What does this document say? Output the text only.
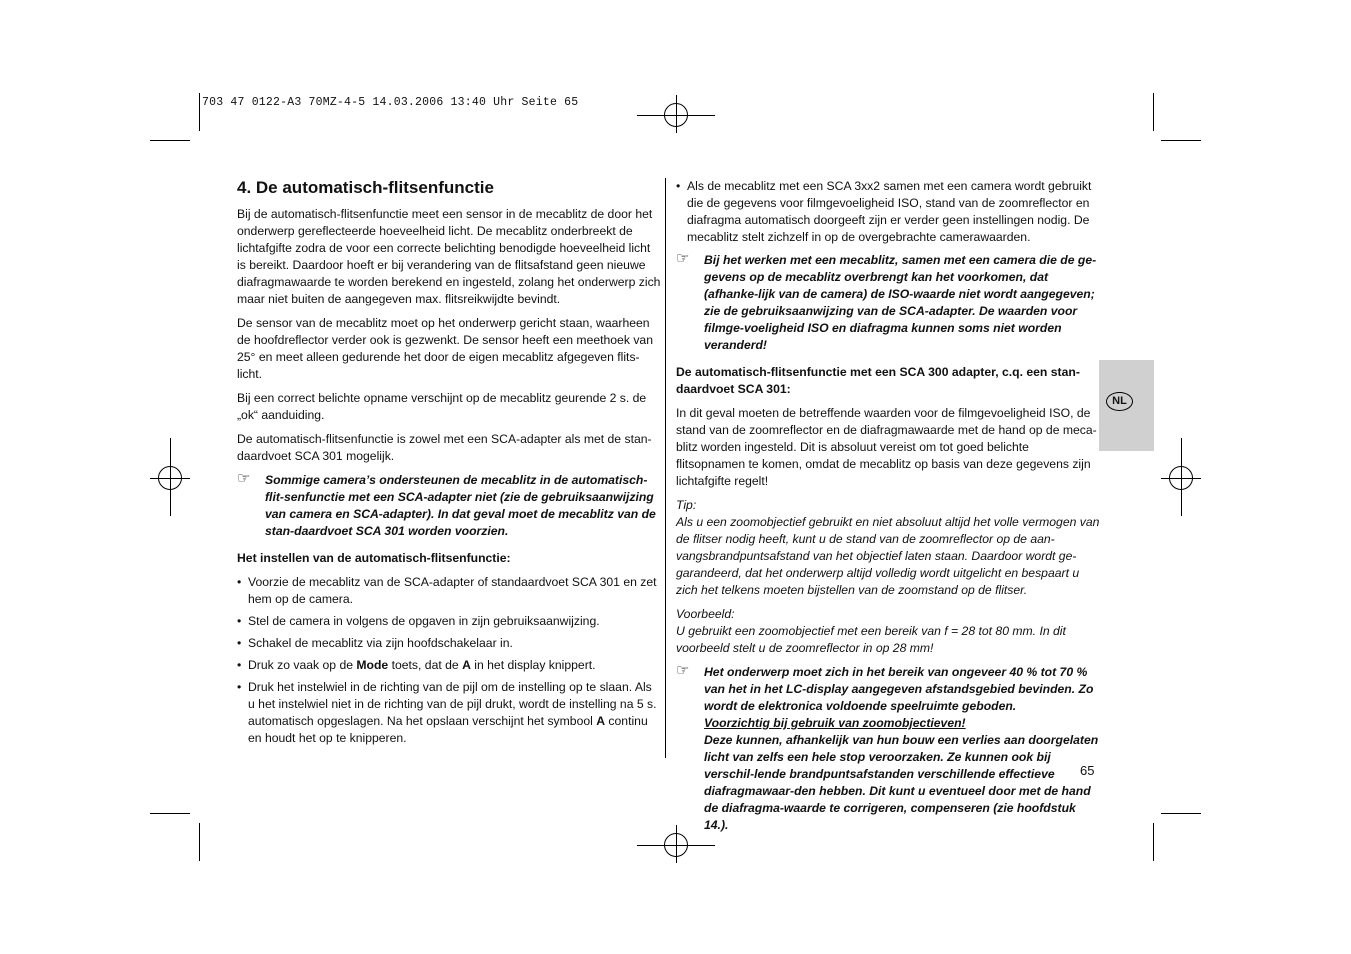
703 47 0122-A3 70MZ-4-5 14.03.2006 13:40 Uhr Seite 65
4. De automatisch-flitsenfunctie

Bij de automatisch-flitsenfunctie meet een sensor in de mecablitz de door het onderwerp gereflecteerde hoeveelheid licht. De mecablitz onderbreekt de lichtafgifte zodra de voor een correcte belichting benodigde hoeveelheid licht is bereikt. Daardoor hoeft er bij verandering van de flitsafstand geen nieuwe diafragmawaarde te worden berekend en ingesteld, zolang het onderwerp zich maar niet buiten de aangegeven max. flitsreikwijdte bevindt.

De sensor van de mecablitz moet op het onderwerp gericht staan, waarheen de hoofdreflector verder ook is gezwenkt. De sensor heeft een meethoek van 25° en meet alleen gedurende het door de eigen mecablitz afgegeven flits-licht.

Bij een correct belichte opname verschijnt op de mecablitz geurende 2 s. de „ok“ aanduiding.

De automatisch-flitsenfunctie is zowel met een SCA-adapter als met de stan-daardvoet SCA 301 mogelijk.

☞ Sommige camera’s ondersteunen de mecablitz in de automatisch-flit-senfunctie met een SCA-adapter niet (zie de gebruiksaanwijzing van camera en SCA-adapter). In dat geval moet de mecablitz van de stan-daardvoet SCA 301 worden voorzien.

Het instellen van de automatisch-flitsenfunctie:
• Voorzie de mecablitz van de SCA-adapter of standaardvoet SCA 301 en zet hem op de camera.
• Stel de camera in volgens de opgaven in zijn gebruiksaanwijzing.
• Schakel de mecablitz via zijn hoofdschakelaar in.
• Druk zo vaak op de Mode toets, dat de A in het display knippert.
• Druk het instelwiel in de richting van de pijl om de instelling op te slaan. Als u het instelwiel niet in de richting van de pijl drukt, wordt de instelling na 5 s. automatisch opgeslagen. Na het opslaan verschijnt het symbool A continu en houdt het op te knipperen.
• Als de mecablitz met een SCA 3xx2 samen met een camera wordt gebruikt die de gegevens voor filmgevoeligheid ISO, stand van de zoomreflector en diafragma automatisch doorgeeft zijn er verder geen instellingen nodig. De mecablitz stelt zichzelf in op de overgebrachte camerawaarden.
☞ Bij het werken met een mecablitz, samen met een camera die de ge-gevens op de mecablitz overbrengt kan het voorkomen, dat (afhanke-lijk van de camera) de ISO-waarde niet wordt aangegeven; zie de gebruiksaanwijzing van de SCA-adapter. De waarden voor filmge-voeligheid ISO en diafragma kunnen soms niet worden veranderd!

De automatisch-flitsenfunctie met een SCA 300 adapter, c.q. een stan-daardvoet SCA 301:

In dit geval moeten de betreffende waarden voor de filmgevoeligheid ISO, de stand van de zoomreflector en de diafragmawaarde met de hand op de meca-blitz worden ingesteld. Dit is absoluut vereist om tot goed belichte flitsopnamen te komen, omdat de mecablitz op basis van deze gegevens zijn lichtafgifte regelt!

Tip:

Als u een zoomobjectief gebruikt en niet absoluut altijd het volle vermogen van de flitser nodig heeft, kunt u de stand van de zoomreflector op de aan-vangsbrandpuntsafstand van het objectief laten staan. Daardoor wordt ge-garandeerd, dat het onderwerp altijd volledig wordt uitgelicht en bespaart u zich het telkens moeten bijstellen van de zoomstand op de flitser.

Voorbeeld:

U gebruikt een zoomobjectief met een bereik van f = 28 tot 80 mm. In dit voorbeeld stelt u de zoomreflector in op 28 mm!

☞ Het onderwerp moet zich in het bereik van ongeveer 40 % tot 70 % van het in het LC-display aangegeven afstandsgebied bevinden. Zo wordt de elektronica voldoende speelruimte geboden.

Voorzichtig bij gebruik van zoomobjectieven!

Deze kunnen, afhankelijk van hun bouw een verlies aan doorgelaten licht van zelfs een hele stop veroorzaken. Ze kunnen ook bij verschil-lende brandpuntsafstanden verschillende effectieve diafragmawaar-den hebben. Dit kunt u eventueel door met de hand de diafragma-waarde te corrigeren, compenseren (zie hoofdstuk 14.).

NL
65
